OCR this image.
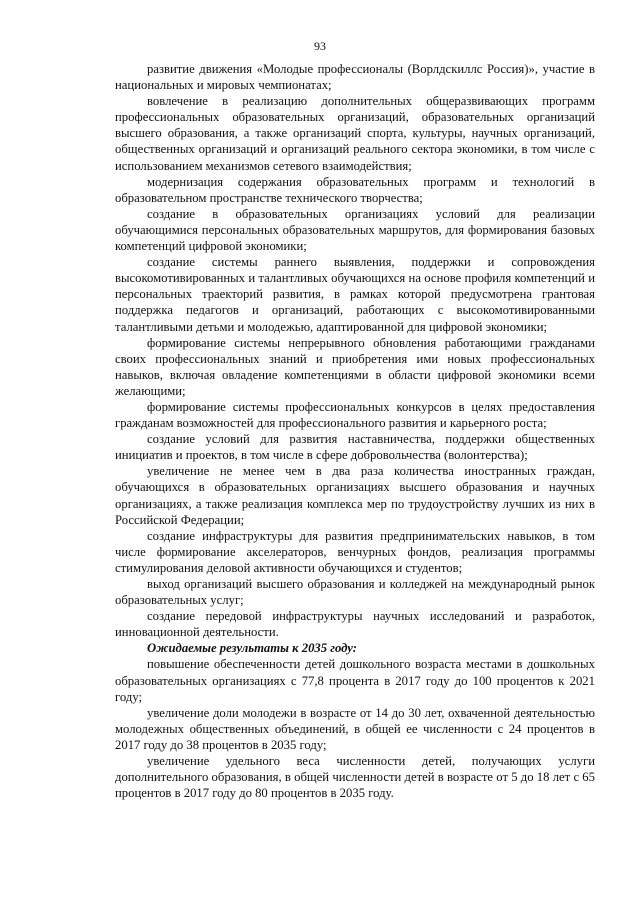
93

развитие движения «Молодые профессионалы (Ворлдскиллс Россия)», участие в национальных и мировых чемпионатах;

вовлечение в реализацию дополнительных общеразвивающих программ профессиональных образовательных организаций, образовательных организаций высшего образования, а также организаций спорта, культуры, научных организаций, общественных организаций и организаций реального сектора экономики, в том числе с использованием механизмов сетевого взаимодействия;

модернизация содержания образовательных программ и технологий в образовательном пространстве технического творчества;

создание в образовательных организациях условий для реализации обучающимися персональных образовательных маршрутов, для формирования базовых компетенций цифровой экономики;

создание системы раннего выявления, поддержки и сопровождения высокомотивированных и талантливых обучающихся на основе профиля компетенций и персональных траекторий развития, в рамках которой предусмотрена грантовая поддержка педагогов и организаций, работающих с высокомотивированными талантливыми детьми и молодежью, адаптированной для цифровой экономики;

формирование системы непрерывного обновления работающими гражданами своих профессиональных знаний и приобретения ими новых профессиональных навыков, включая овладение компетенциями в области цифровой экономики всеми желающими;

формирование системы профессиональных конкурсов в целях предоставления гражданам возможностей для профессионального развития и карьерного роста;

создание условий для развития наставничества, поддержки общественных инициатив и проектов, в том числе в сфере добровольчества (волонтерства);

увеличение не менее чем в два раза количества иностранных граждан, обучающихся в образовательных организациях высшего образования и научных организациях, а также реализация комплекса мер по трудоустройству лучших из них в Российской Федерации;

создание инфраструктуры для развития предпринимательских навыков, в том числе формирование акселераторов, венчурных фондов, реализация программы стимулирования деловой активности обучающихся и студентов;

выход организаций высшего образования и колледжей на международный рынок образовательных услуг;

создание передовой инфраструктуры научных исследований и разработок, инновационной деятельности.

Ожидаемые результаты к 2035 году:

повышение обеспеченности детей дошкольного возраста местами в дошкольных образовательных организациях с 77,8 процента в 2017 году до 100 процентов к 2021 году;

увеличение доли молодежи в возрасте от 14 до 30 лет, охваченной деятельностью молодежных общественных объединений, в общей ее численности с 24 процентов в 2017 году до 38 процентов в 2035 году;

увеличение удельного веса численности детей, получающих услуги дополнительного образования, в общей численности детей в возрасте от 5 до 18 лет с 65 процентов в 2017 году до 80 процентов в 2035 году.
